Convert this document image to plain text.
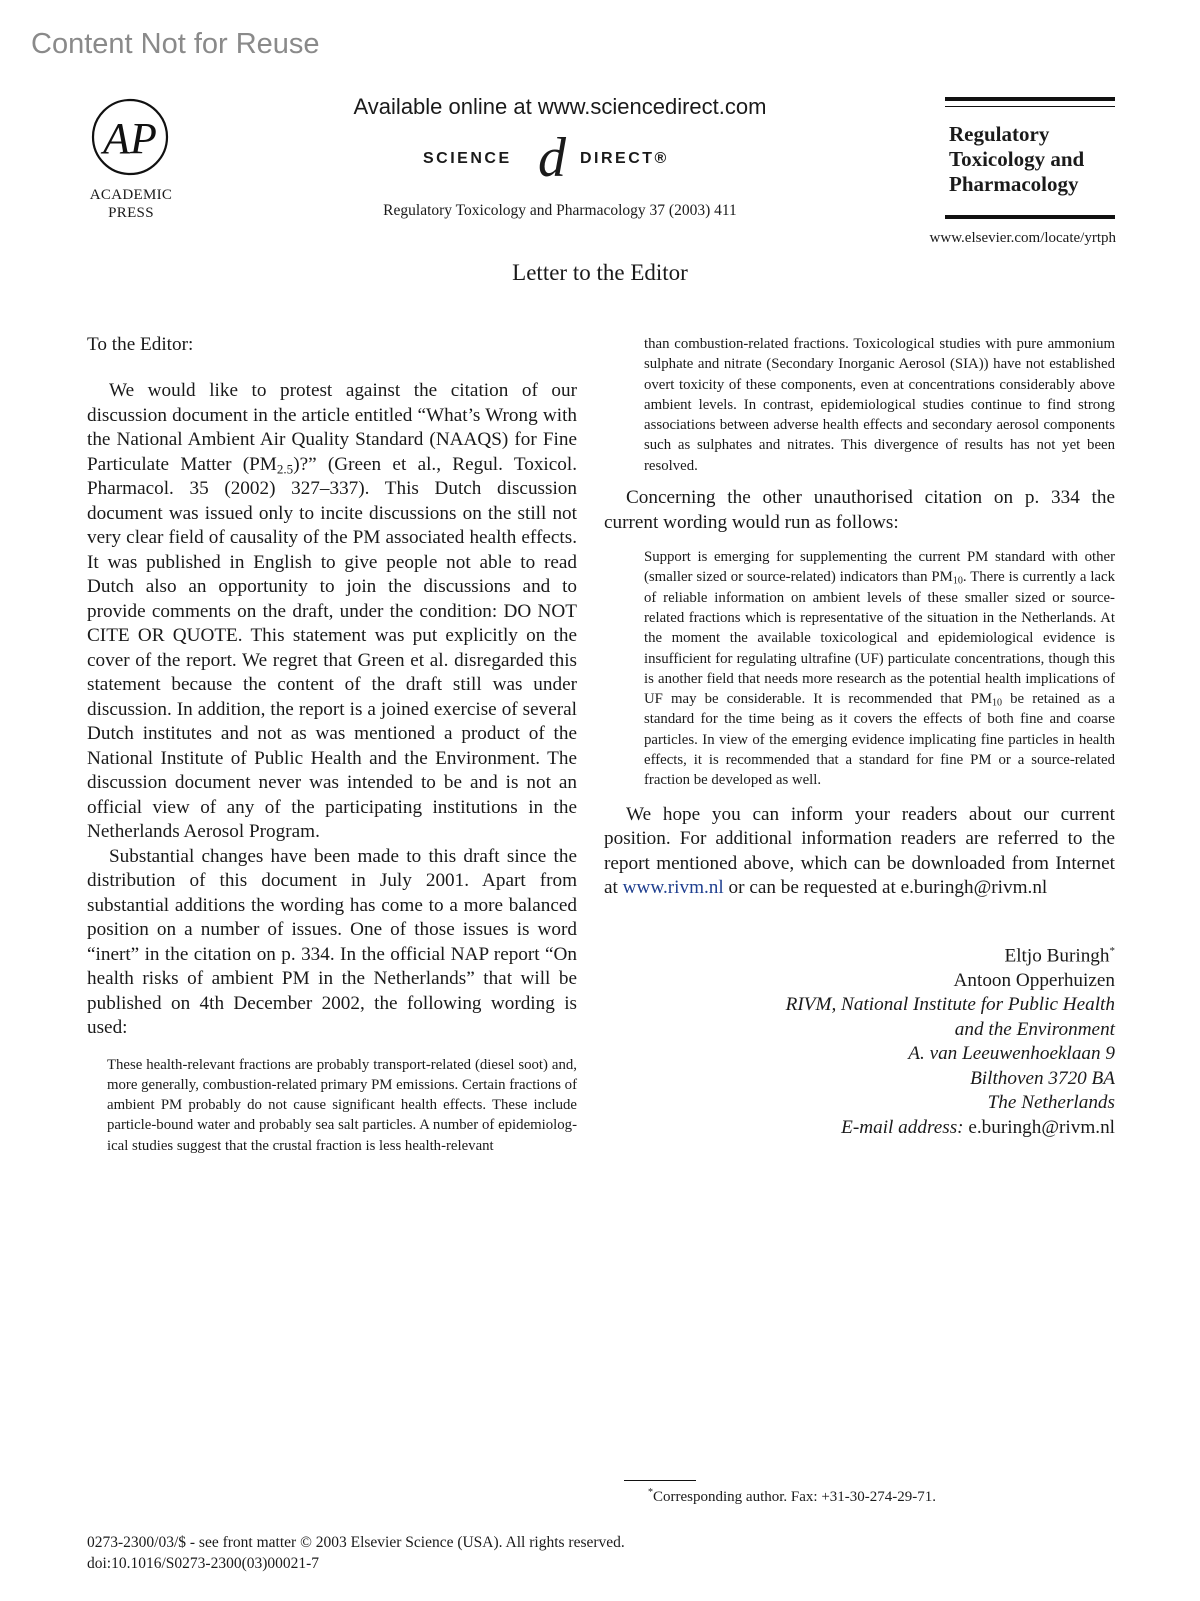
Content Not for Reuse
AP
ACADEMIC
PRESS
Available online at www.sciencedirect.com
SCIENCE d DIRECT®
Regulatory Toxicology and Pharmacology 37 (2003) 411
Regulatory
Toxicology and
Pharmacology
www.elsevier.com/locate/yrtph
Letter to the Editor

To the Editor:

We would like to protest against the citation of our discussion document in the article entitled “What’s Wrong with the National Ambient Air Quality Standard (NAAQS) for Fine Particulate Matter $(PM_{2.5})$?” (Green et al., Regul. Toxicol. Pharmacol. 35 (2002) 327–337). This Dutch discussion document was issued only to incite discussions on the still not very clear field of causality of the PM associated health effects. It was published in English to give people not able to read Dutch also an opportunity to join the discussions and to provide comments on the draft, under the condition: DO NOT CITE OR QUOTE. This statement was put explicitly on the cover of the report. We regret that Green et al. disregarded this statement because the content of the draft still was under discussion. In addition, the report is a joined exercise of several Dutch institutes and not as was mentioned a product of the National Institute of Public Health and the Environment. The discussion document never was intended to be and is not an official view of any of the participating institutions in the Netherlands Aerosol Program.

Substantial changes have been made to this draft since the distribution of this document in July 2001. Apart from substantial additions the wording has come to a more balanced position on a number of issues. One of those issues is word “inert” in the citation on p. 334. In the official NAP report “On health risks of ambient PM in the Netherlands” that will be published on 4th December 2002, the following wording is used:

These health-relevant fractions are probably transport-related (diesel soot) and, more generally, combustion-related primary PM emissions. Certain fractions of ambient PM probably do not cause significant health effects. These include particle-bound water and probably sea salt particles. A number of epidemiological studies suggest that the crustal fraction is less health-relevant

than combustion-related fractions. Toxicological studies with pure ammonium sulphate and nitrate (Secondary Inorganic Aerosol (SIA)) have not established overt toxicity of these components, even at concentrations considerably above ambient levels. In contrast, epidemiological studies continue to find strong associations between adverse health effects and secondary aerosol components such as sulphates and nitrates. This divergence of results has not yet been resolved.

Concerning the other unauthorised citation on p. 334 the current wording would run as follows:

Support is emerging for supplementing the current PM standard with other (smaller sized or source-related) indicators than $PM_{10}$. There is currently a lack of reliable information on ambient levels of these smaller sized or source-related fractions which is representative of the situation in the Netherlands. At the moment the available toxicological and epidemiological evidence is insufficient for regulating ultrafine (UF) particulate concentrations, though this is another field that needs more research as the potential health implications of UF may be considerable. It is recommended that $PM_{10}$ be retained as a standard for the time being as it covers the effects of both fine and coarse particles. In view of the emerging evidence implicating fine particles in health effects, it is recommended that a standard for fine PM or a source-related fraction be developed as well.

We hope you can inform your readers about our current position. For additional information readers are referred to the report mentioned above, which can be downloaded from Internet at www.rivm.nl or can be requested at e.buringh@rivm.nl

Eltjo Buringh*
Antoon Opperhuizen
RIVM, National Institute for Public Health
and the Environment
A. van Leeuwenhoeklaan 9
Bilthoven 3720 BA
The Netherlands
E-mail address: e.buringh@rivm.nl
*Corresponding author. Fax: +31-30-274-29-71.
0273-2300/03/$ - see front matter © 2003 Elsevier Science (USA). All rights reserved.
doi:10.1016/S0273-2300(03)00021-7
